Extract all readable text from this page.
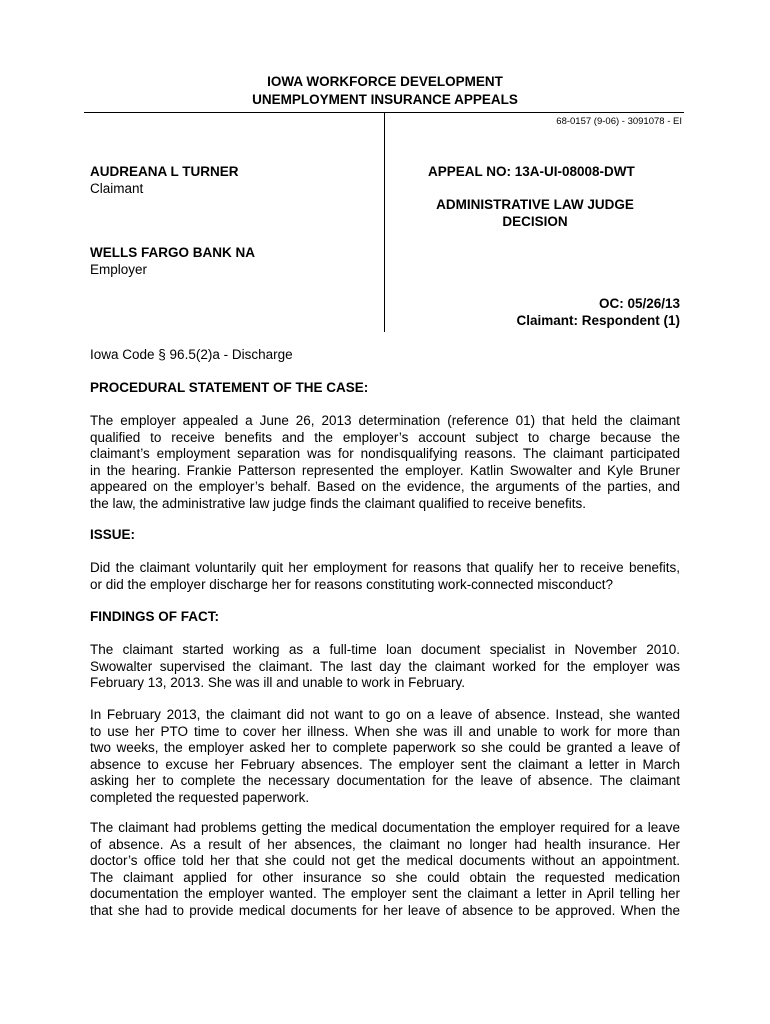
IOWA WORKFORCE DEVELOPMENT
UNEMPLOYMENT INSURANCE APPEALS
68-0157 (9-06) - 3091078 - EI
AUDREANA L TURNER
Claimant
WELLS FARGO BANK NA
Employer
APPEAL NO: 13A-UI-08008-DWT
ADMINISTRATIVE LAW JUDGE
DECISION
OC: 05/26/13
Claimant: Respondent (1)
Iowa Code § 96.5(2)a - Discharge
PROCEDURAL STATEMENT OF THE CASE:
The employer appealed a June 26, 2013 determination (reference 01) that held the claimant
qualified to receive benefits and the employer’s account subject to charge because the
claimant’s employment separation was for nondisqualifying reasons. The claimant participated
in the hearing. Frankie Patterson represented the employer. Katlin Swowalter and Kyle Bruner
appeared on the employer’s behalf. Based on the evidence, the arguments of the parties, and
the law, the administrative law judge finds the claimant qualified to receive benefits.
ISSUE:
Did the claimant voluntarily quit her employment for reasons that qualify her to receive benefits,
or did the employer discharge her for reasons constituting work-connected misconduct?
FINDINGS OF FACT:
The claimant started working as a full-time loan document specialist in November 2010.
Swowalter supervised the claimant. The last day the claimant worked for the employer was
February 13, 2013. She was ill and unable to work in February.
In February 2013, the claimant did not want to go on a leave of absence. Instead, she wanted
to use her PTO time to cover her illness. When she was ill and unable to work for more than
two weeks, the employer asked her to complete paperwork so she could be granted a leave of
absence to excuse her February absences. The employer sent the claimant a letter in March
asking her to complete the necessary documentation for the leave of absence. The claimant
completed the requested paperwork.
The claimant had problems getting the medical documentation the employer required for a leave
of absence. As a result of her absences, the claimant no longer had health insurance. Her
doctor’s office told her that she could not get the medical documents without an appointment.
The claimant applied for other insurance so she could obtain the requested medication
documentation the employer wanted. The employer sent the claimant a letter in April telling her
that she had to provide medical documents for her leave of absence to be approved. When the
